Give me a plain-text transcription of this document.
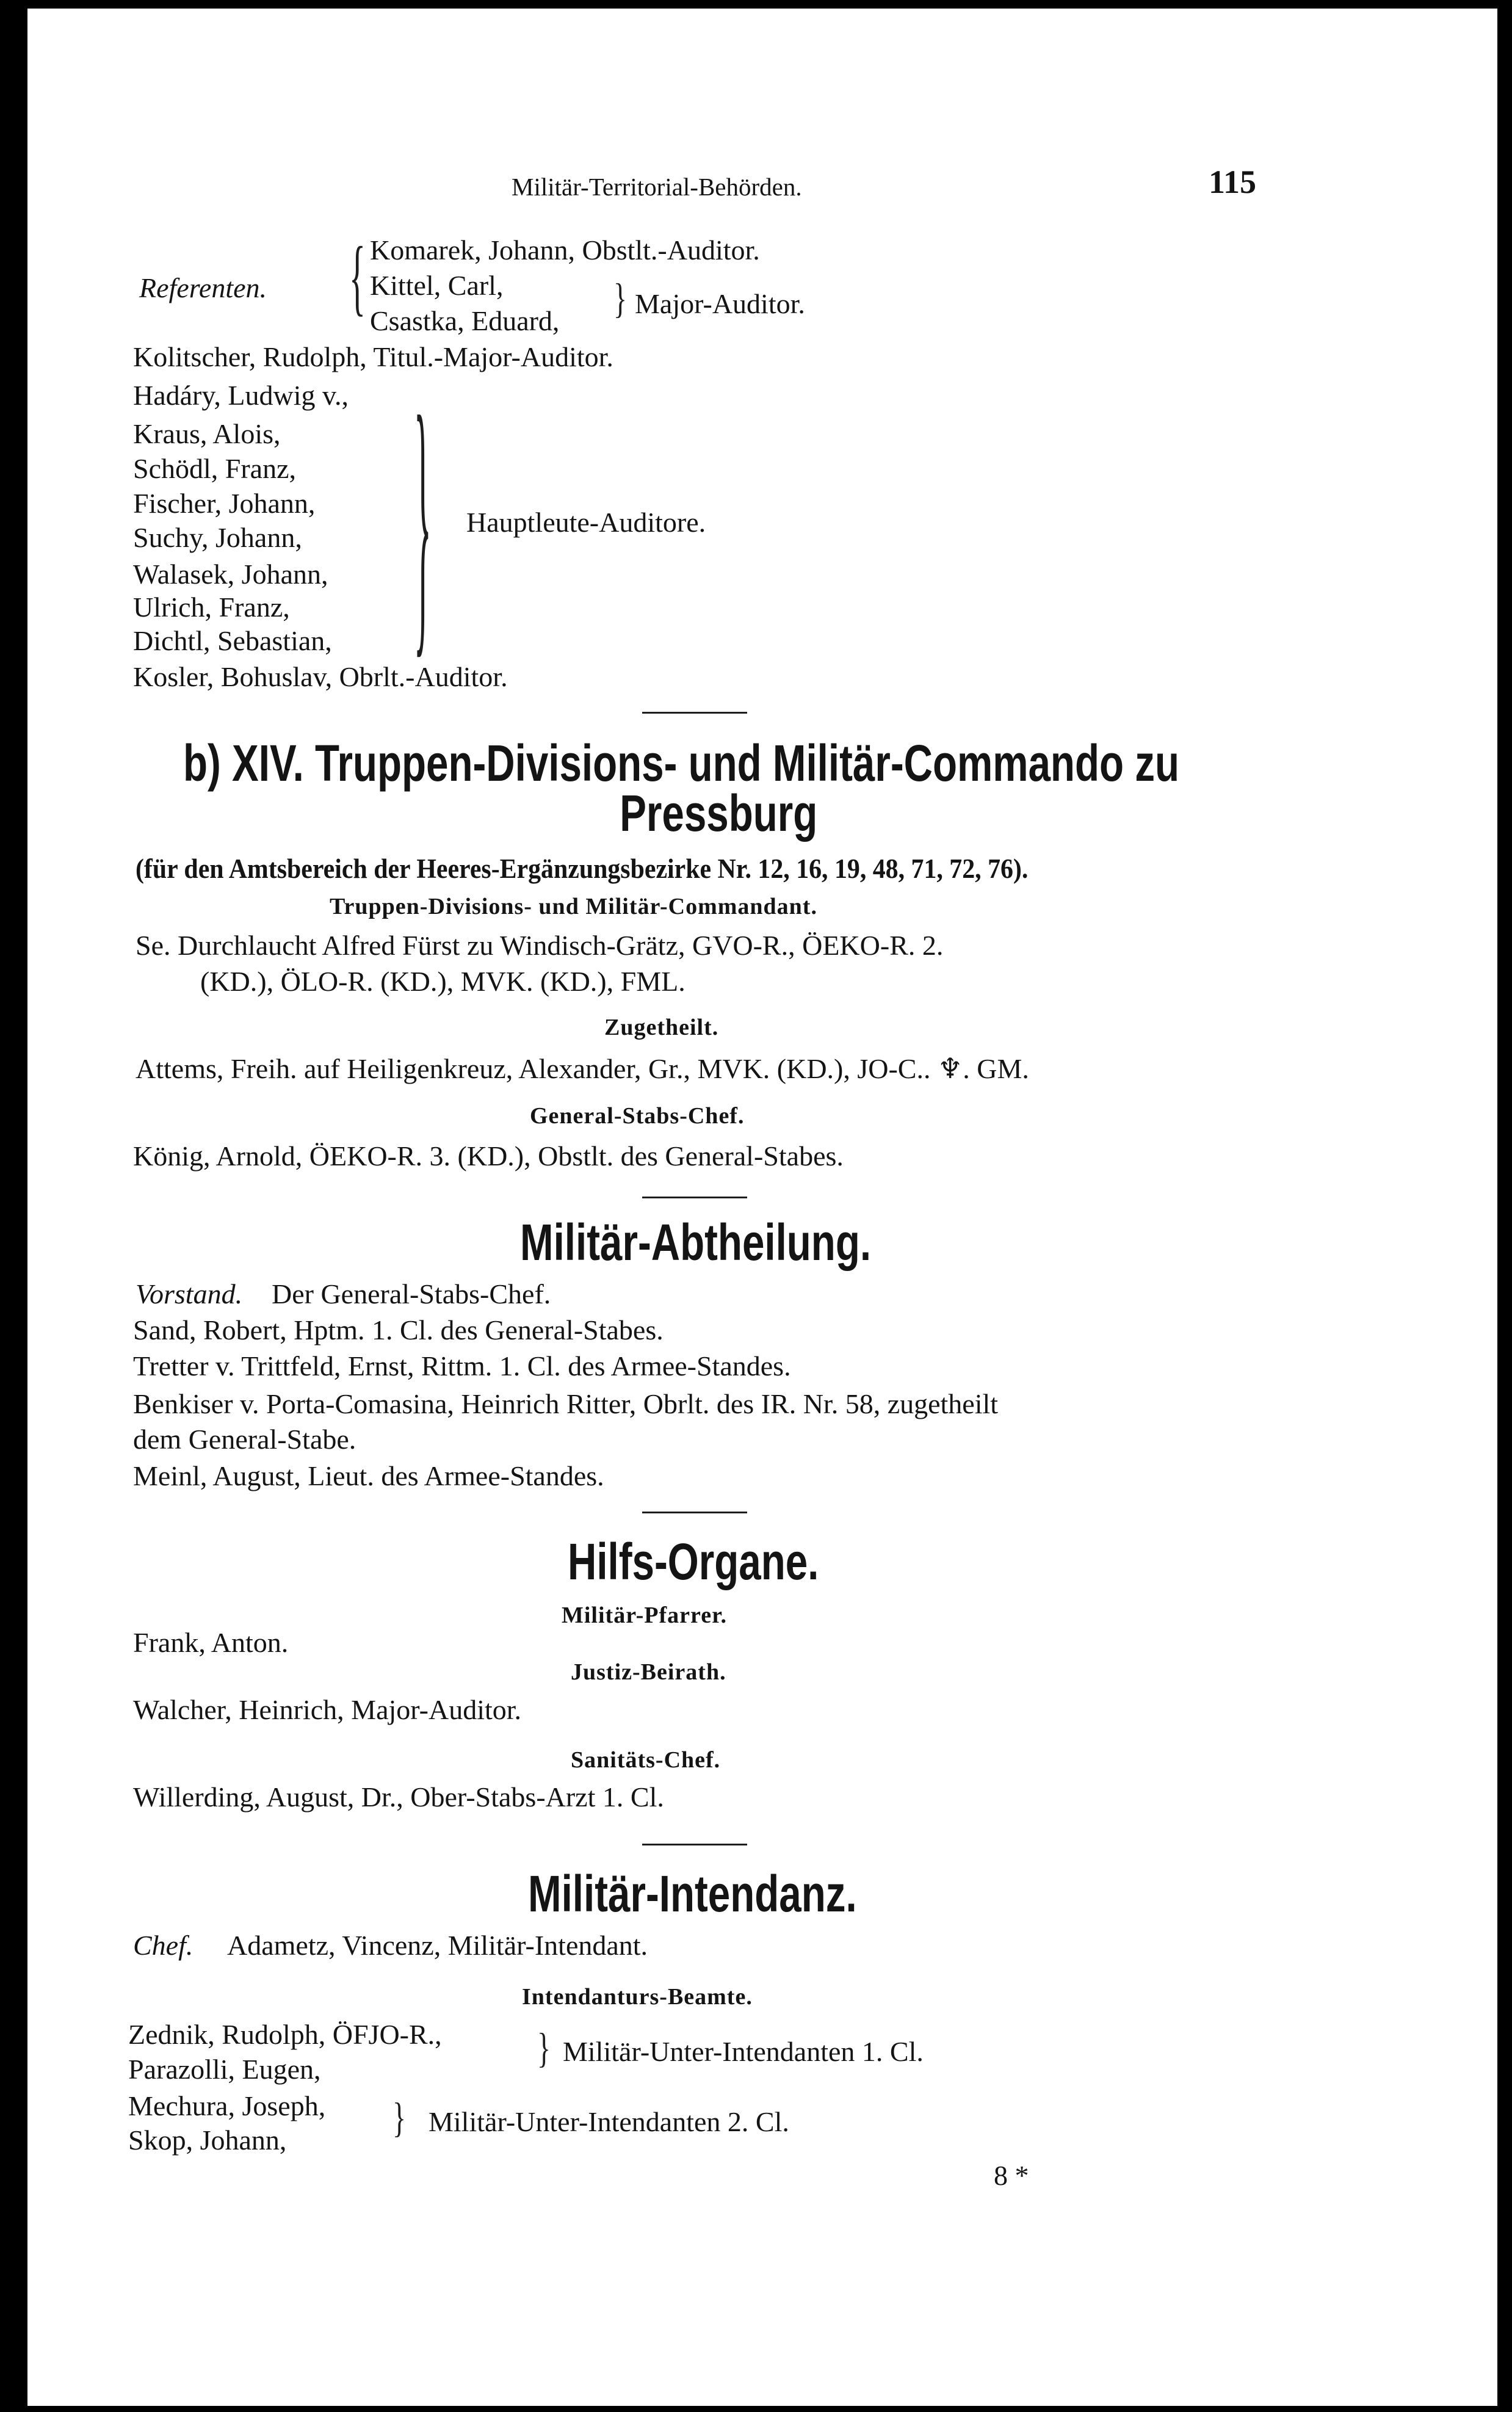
Militär-Territorial-Behörden.	115
Referenten. { Komarek, Johann, Obstlt.-Auditor.
Kittel, Carl,
Csastka, Eduard, } Major-Auditor.
Kolitscher, Rudolph, Titul.-Major-Auditor.
Hadáry, Ludwig v.,
Kraus, Alois,
Schödl, Franz,
Fischer, Johann,
Suchy, Johann,
Walasek, Johann,
Ulrich, Franz,
Dichtl, Sebastian, } Hauptleute-Auditore.
Kosler, Bohuslav, Obrlt.-Auditor.
b) XIV. Truppen-Divisions- und Militär-Commando zu
Pressburg
(für den Amtsbereich der Heeres-Ergänzungsbezirke Nr. 12, 16, 19, 48, 71, 72, 76).
Truppen-Divisions- und Militär-Commandant.
Se. Durchlaucht Alfred Fürst zu Windisch-Grätz, GVO-R., ÖEKO-R. 2.
(KD.), ÖLO-R. (KD.), MVK. (KD.), FML.
Zugetheilt.
Attems, Freih. auf Heiligenkreuz, Alexander, Gr., MVK. (KD.), JO-C.. ♆. GM.
General-Stabs-Chef.
König, Arnold, ÖEKO-R. 3. (KD.), Obstlt. des General-Stabes.
Militär-Abtheilung.
Vorstand. Der General-Stabs-Chef.
Sand, Robert, Hptm. 1. Cl. des General-Stabes.
Tretter v. Trittfeld, Ernst, Rittm. 1. Cl. des Armee-Standes.
Benkiser v. Porta-Comasina, Heinrich Ritter, Obrlt. des IR. Nr. 58, zugetheilt
dem General-Stabe.
Meinl, August, Lieut. des Armee-Standes.
Hilfs-Organe.
Militär-Pfarrer.
Frank, Anton.
Justiz-Beirath.
Walcher, Heinrich, Major-Auditor.
Sanitäts-Chef.
Willerding, August, Dr., Ober-Stabs-Arzt 1. Cl.
Militär-Intendanz.
Chef. Adametz, Vincenz, Militär-Intendant.
Intendanturs-Beamte.
Zednik, Rudolph, ÖFJO-R.,
Parazolli, Eugen,	} Militär-Unter-Intendanten 1. Cl.
Mechura, Joseph,
Skop, Johann,	} Militär-Unter-Intendanten 2. Cl.
8 *
